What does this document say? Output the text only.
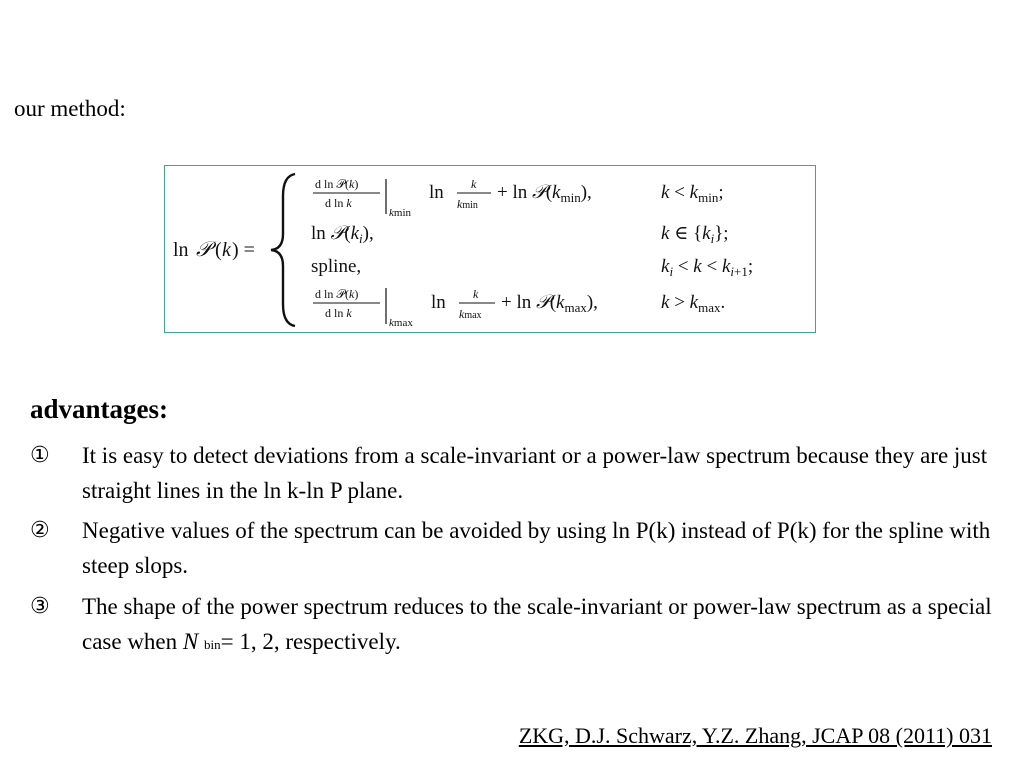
our method:
ln 𝒫 ( k ) =
d ln 𝒫(k)
d ln k
kmin
ln k
kmin
+ $\ln 𝒫(k_{min})$,	$k < k_{min}$;
$\ln 𝒫(k_i)$,	k ∈ $\{k_i\}$;
spline,	$k_i < k < k_{i+1}$;
d ln 𝒫(k)
d ln k
kmax
ln k
kmax
+ $\ln 𝒫(k_{max})$,	$k > k_{max}$.
advantages:
① It is easy to detect deviations from a scale-invariant or a power-law spectrum because they are just straight lines in the ln k-ln P plane.
② Negative values of the spectrum can be avoided by using ln P(k) instead of P(k) for the spline with steep slops.
③ The shape of the power spectrum reduces to the scale-invariant or power-law spectrum as a special case when N bin= 1, 2, respectively.
ZKG, D.J. Schwarz, Y.Z. Zhang, JCAP 08 (2011) 031
